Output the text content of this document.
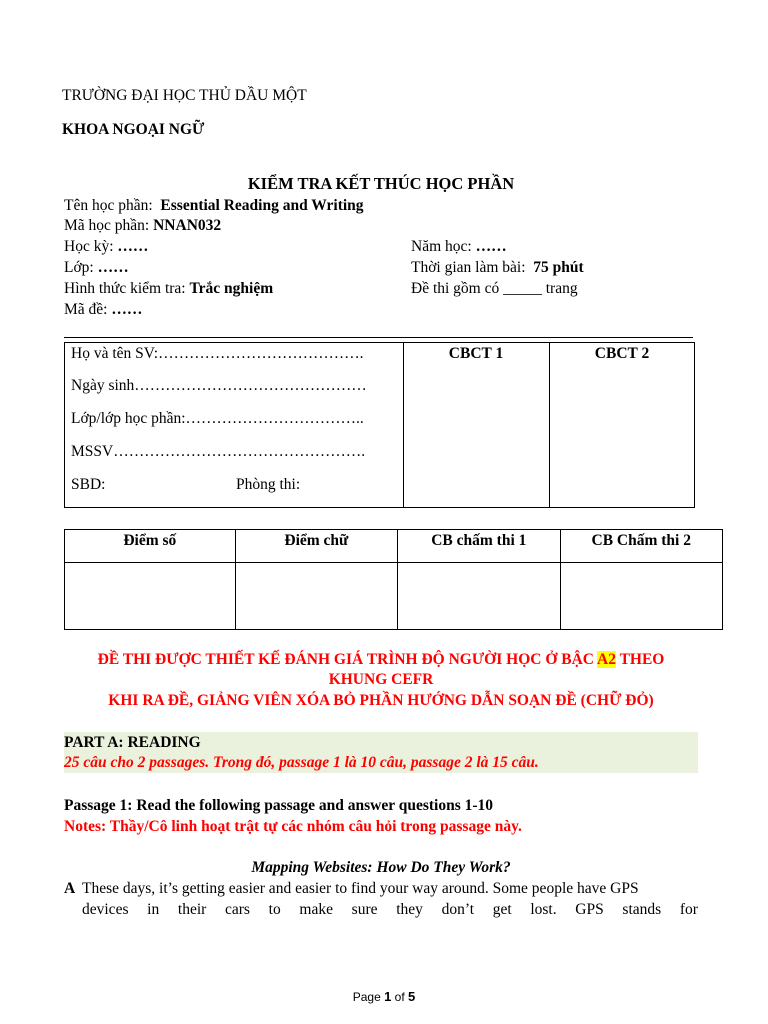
TRƯỜNG ĐẠI HỌC THỦ DẦU MỘT
KHOA NGOẠI NGỮ
KIỂM TRA KẾT THÚC HỌC PHẦN
Tên học phần: Essential Reading and Writing
Mã học phần: NNAN032
Học kỳ: ……	Năm học: ……
Lớp: ……	Thời gian làm bài: 75 phút
Hình thức kiểm tra: Trắc nghiệm	Đề thi gồm có _____ trang
Mã đề: ……
Họ và tên SV:………………………………….
Ngày sinh………………………………………
Lớp/lớp học phần:……………………………..
MSSV………………………………………….
SBD:	Phòng thi:
CBCT 1	CBCT 2
Điểm số	Điểm chữ	CB chấm thi 1	CB Chấm thi 2

ĐỀ THI ĐƯỢC THIẾT KẾ ĐÁNH GIÁ TRÌNH ĐỘ NGƯỜI HỌC Ở BẬC A2 THEO
KHUNG CEFR
KHI RA ĐỀ, GIẢNG VIÊN XÓA BỎ PHẦN HƯỚNG DẪN SOẠN ĐỀ (CHỮ ĐỎ)
PART A: READING
25 câu cho 2 passages. Trong đó, passage 1 là 10 câu, passage 2 là 15 câu.
Passage 1: Read the following passage and answer questions 1-10
Notes: Thầy/Cô linh hoạt trật tự các nhóm câu hỏi trong passage này.
Mapping Websites: How Do They Work?
A These days, it’s getting easier and easier to find your way around. Some people have GPS
devices in their cars to make sure they don’t get lost. GPS stands for
Page 1 of 5
